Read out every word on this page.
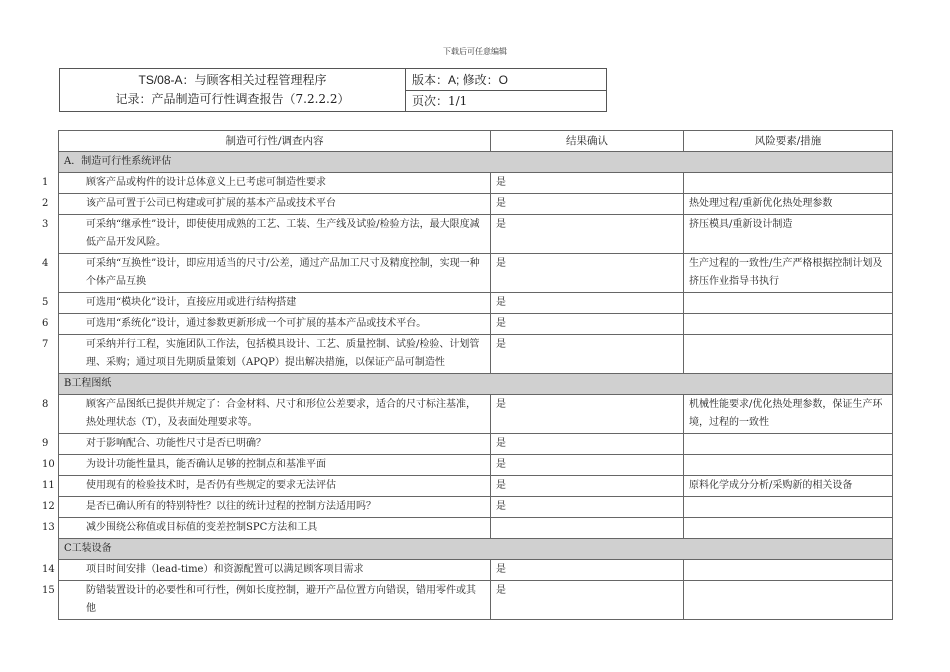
下载后可任意编辑
TS/08-A：与顾客相关过程管理程序
记录：产品制造可行性调查报告（7.2.2.2）
版本：A; 修改：O
页次：1/1
制造可行性/调查内容	结果确认	风险要素/措施
A．制造可行性系统评估		
1 顾客产品或构件的设计总体意义上已考虑可制造性要求	是	
2 该产品可置于公司已构建或可扩展的基本产品或技术平台	是	热处理过程/重新优化热处理参数
3 可采纳“继承性”设计，即使使用成熟的工艺、工装、生产线及试验/检验方法，最大限度减低产品开发风险。	是	挤压模具/重新设计制造
4 可采纳“互换性”设计，即应用适当的尺寸/公差，通过产品加工尺寸及精度控制，实现一种个体产品互换	是	生产过程的一致性/生产严格根据控制计划及挤压作业指导书执行
5 可选用“模块化”设计，直接应用或进行结构搭建	是	
6 可选用“系统化”设计，通过参数更新形成一个可扩展的基本产品或技术平台。	是	
7 可采纳并行工程，实施团队工作法，包括模具设计、工艺、质量控制、试验/检验、计划管理、采购；通过项目先期质量策划（APQP）提出解决措施，以保证产品可制造性	是	
B工程图纸		
8 顾客产品图纸已提供并规定了：合金材料、尺寸和形位公差要求，适合的尺寸标注基准，热处理状态（T），及表面处理要求等。	是	机械性能要求/优化热处理参数，保证生产环境，过程的一致性
9 对于影响配合、功能性尺寸是否已明确？	是	
10 为设计功能性量具，能否确认足够的控制点和基准平面	是	
11 使用现有的检验技术时，是否仍有些规定的要求无法评估	是	原料化学成分分析/采购新的相关设备
12 是否已确认所有的特别特性？以往的统计过程的控制方法适用吗？	是	
13 减少围绕公称值或目标值的变差控制SPC方法和工具		
C工装设备		
14 项目时间安排（lead-time）和资源配置可以满足顾客项目需求	是	
15 防错装置设计的必要性和可行性，例如长度控制，避开产品位置方向错误，错用零件或其他	是	
